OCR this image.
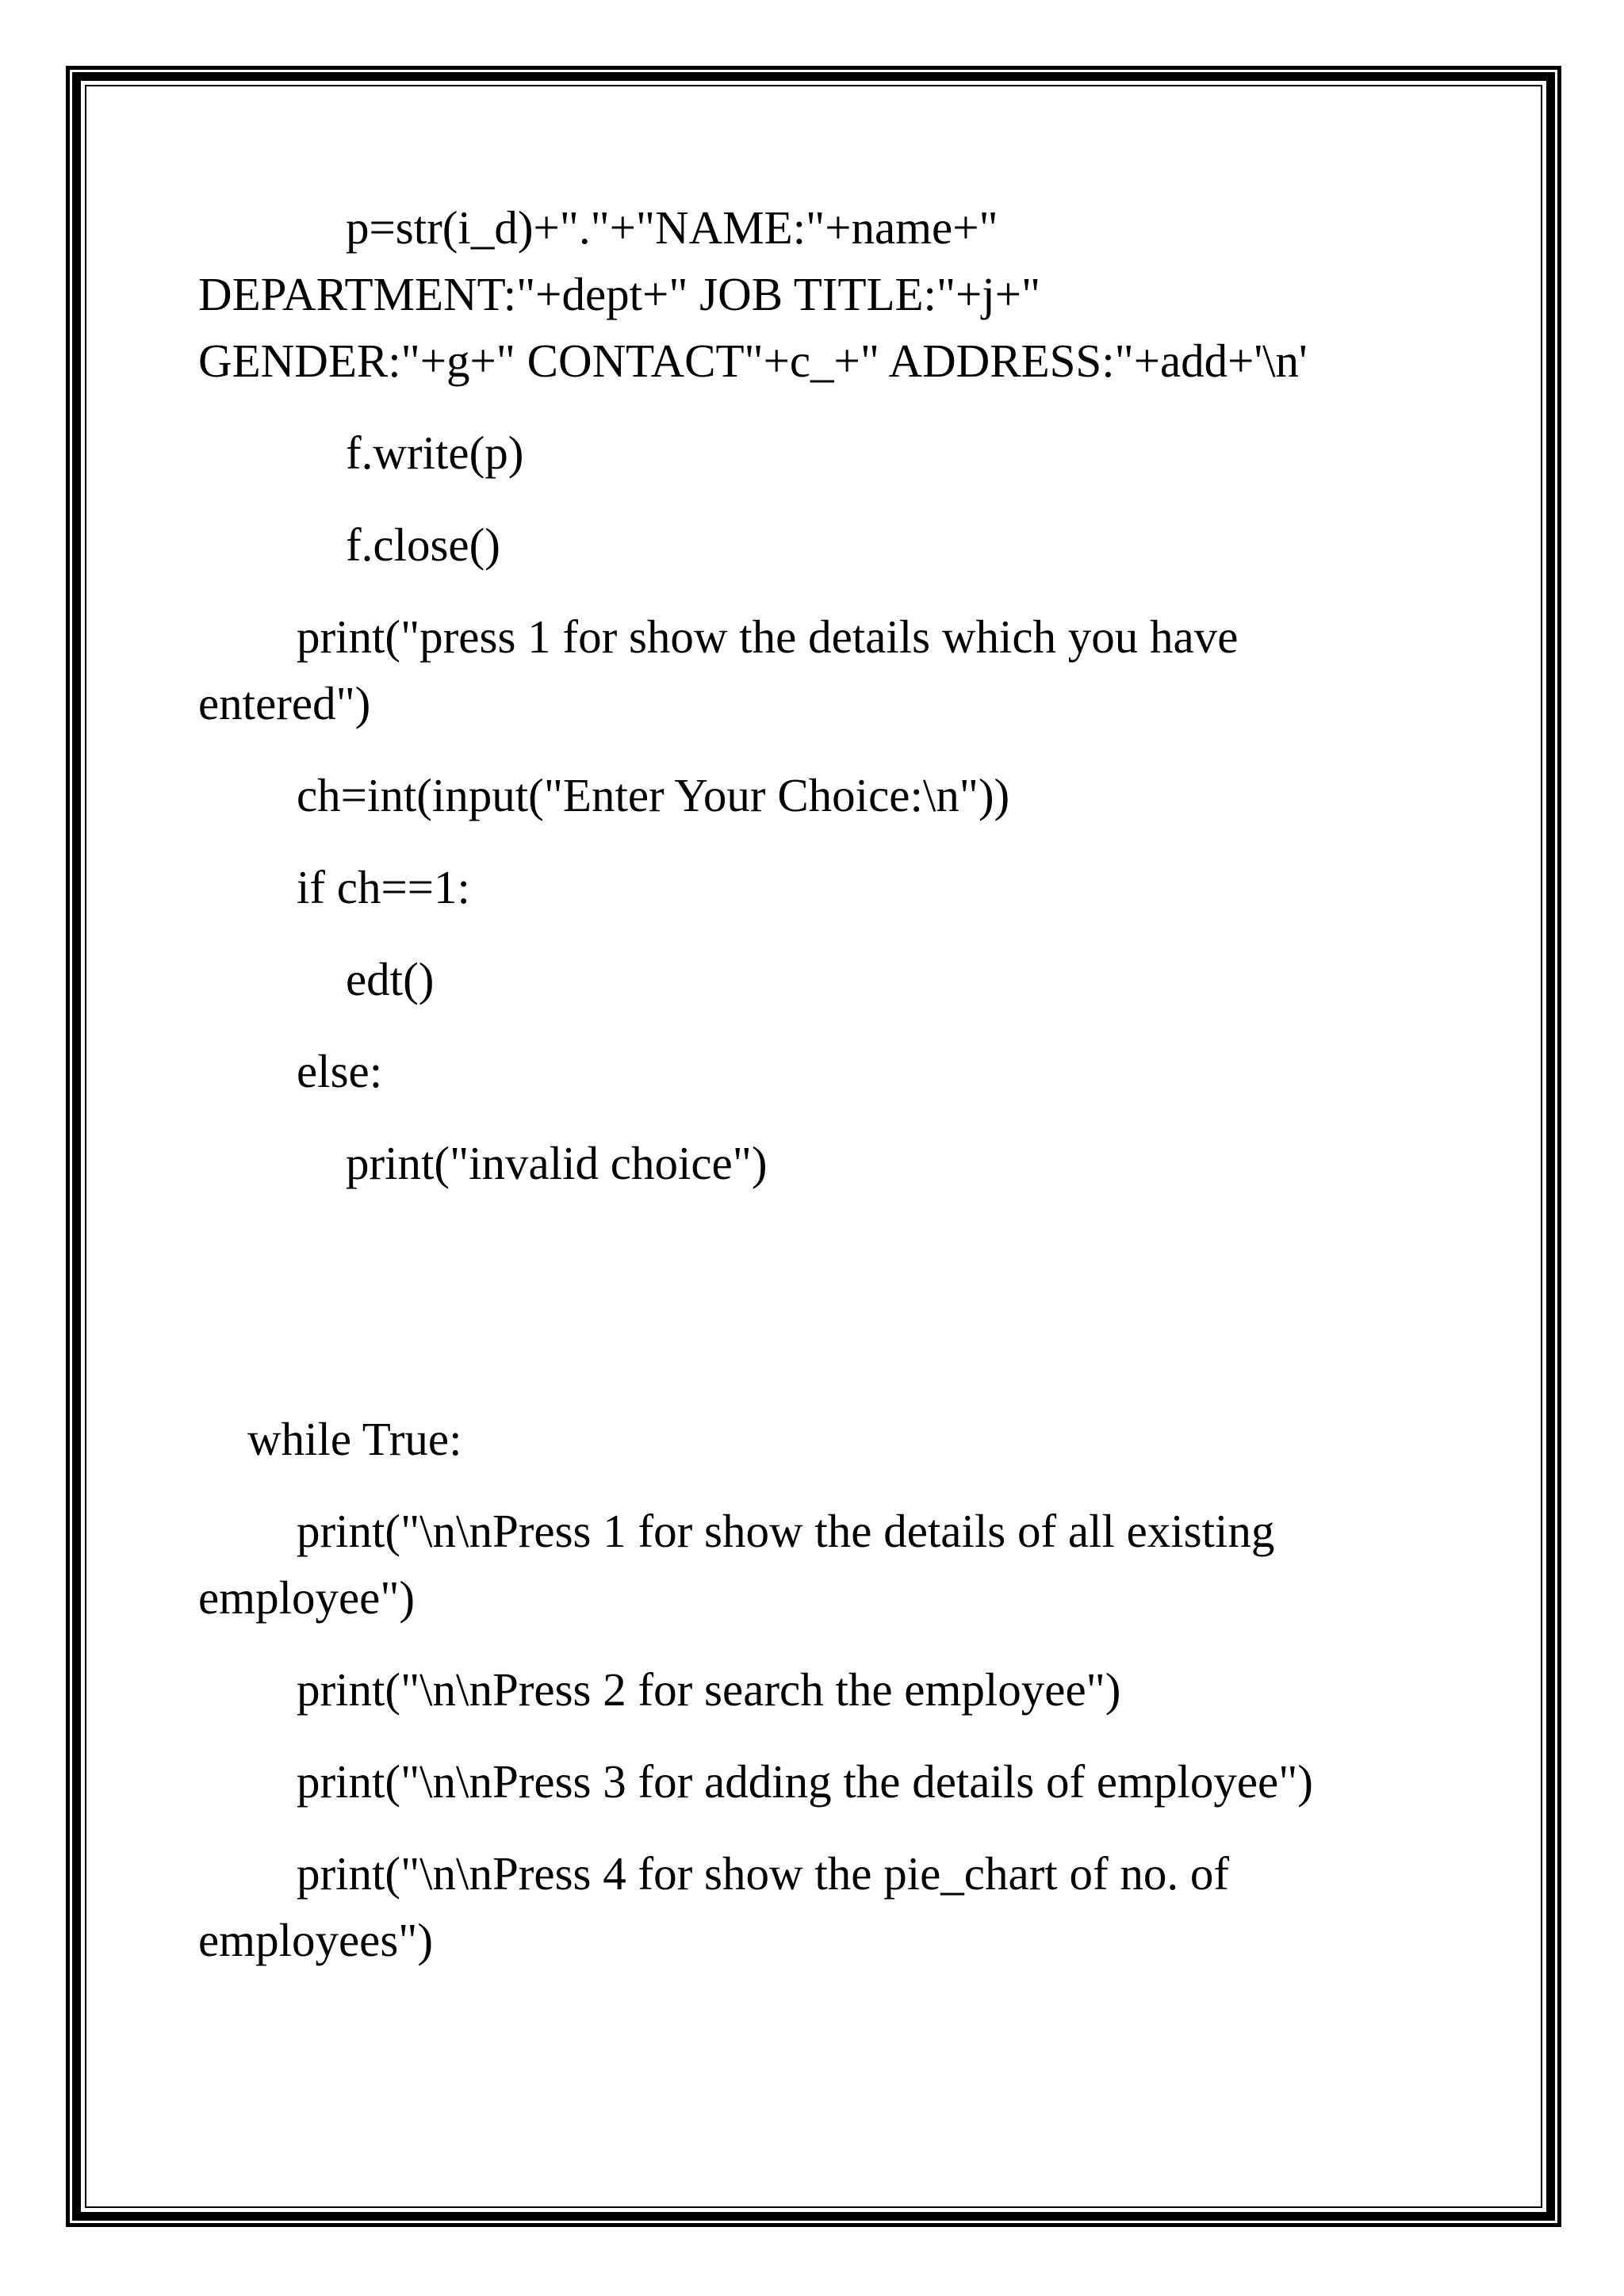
p=str(i_d)+"."+"NAME:"+name+"

DEPARTMENT:"+dept+" JOB TITLE:"+j+"

GENDER:"+g+" CONTACT"+c_+" ADDRESS:"+add+'\n'

f.write(p)

f.close()

print("press 1 for show the details which you have

entered")

ch=int(input("Enter Your Choice:\n"))

if ch==1:

edt()

else:

print("invalid choice")

while True:

print("\n\nPress 1 for show the details of all existing

employee")

print("\n\nPress 2 for search the employee")

print("\n\nPress 3 for adding the details of employee")

print("\n\nPress 4 for show the pie_chart of no. of

employees")
